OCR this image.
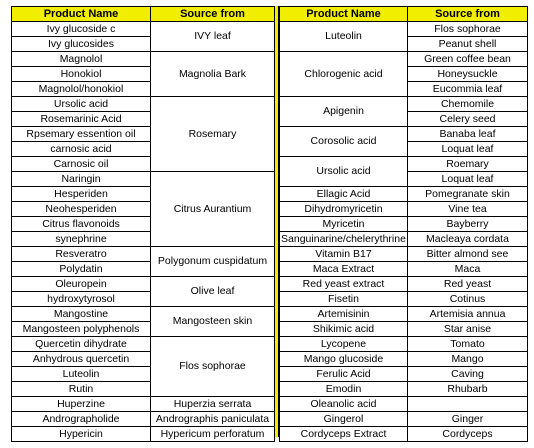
Product Name	Source from
Ivy glucoside c	IVY leaf
Ivy glucosides	
Magnolol	Magnolia Bark
Honokiol	
Magnolol/honokiol	
Ursolic acid	Rosemary
Rosemarinic Acid	
Rpsemary essention oil	
carnosic acid	
Carnosic oil	
Naringin	Citrus Aurantium
Hesperiden	
Neohesperiden	
Citrus flavonoids	
synephrine	
Resveratro	Polygonum cuspidatum
Polydatin	
Oleuropein	Olive leaf
hydroxytyrosol	
Mangostine	Mangosteen skin
Mangosteen polyphenols	
Quercetin dihydrate	Flos sophorae
Anhydrous quercetin	
Luteolin	
Rutin	
Huperzine	Huperzia serrata
Andrographolide	Andrographis paniculata
Hypericin	Hypericum perforatum
Product Name	Source from
Luteolin	Flos sophorae
	Peanut shell
Chlorogenic acid	Green coffee bean
	Honeysuckle
	Eucommia leaf
Apigenin	Chemomile
	Celery seed
Corosolic acid	Banaba leaf
	Loquat leaf
Ursolic acid	Roemary
	Loquat leaf
Ellagic Acid	Pomegranate skin
Dihydromyricetin	Vine tea
Myricetin	Bayberry
Sanguinarine/chelerythrine	Macleaya cordata
Vitamin B17	Bitter almond see
Maca Extract	Maca
Red yeast extract	Red yeast
Fisetin	Cotinus
Artemisinin	Artemisia annua
Shikimic acid	Star anise
Lycopene	Tomato
Mango glucoside	Mango
Ferulic Acid	Caving
Emodin	Rhubarb
Oleanolic acid	
Gingerol	Ginger
Cordyceps Extract	Cordyceps
